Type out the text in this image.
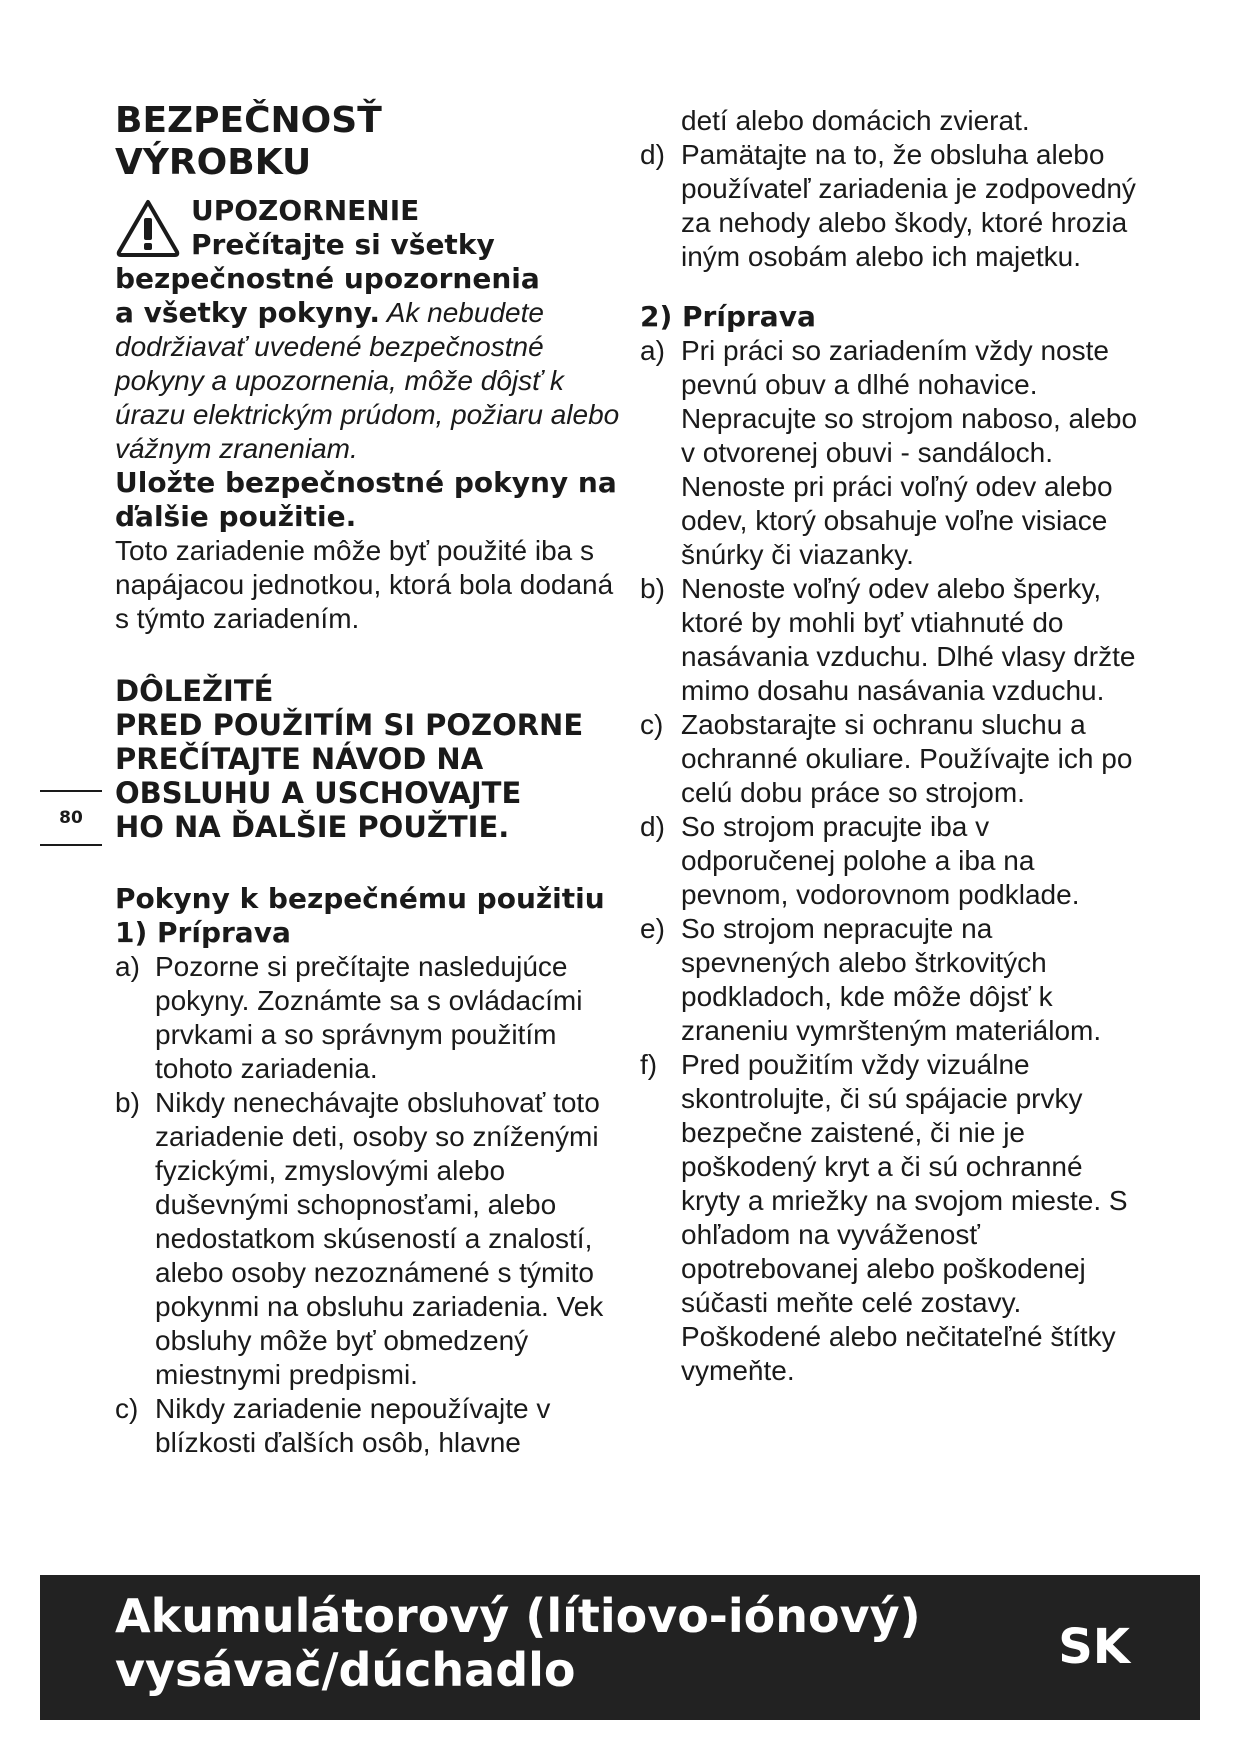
80
BEZPEČNOSŤ
VÝROBKU
UPOZORNENIE
Prečítajte si všetky
bezpečnostné upozornenia
a všetky pokyny. Ak nebudete

dodržiavať uvedené bezpečnostné pokyny a upozornenia, môže dôjsť k úrazu elektrickým prúdom, požiaru alebo vážnym zraneniam.

Uložte bezpečnostné pokyny na ďalšie použitie.

Toto zariadenie môže byť použité iba s napájacou jednotkou, ktorá bola dodaná s týmto zariadením.

DÔLEŽITÉ
PRED POUŽITÍM SI POZORNE
PREČÍTAJTE NÁVOD NA
OBSLUHU A USCHOVAJTE
HO NA ĎALŠIE POUŽTIE.
Pokyny k bezpečnému použitiu
1) Príprava
a) Pozorne si prečítajte nasledujúce pokyny. Zoznámte sa s ovládacími prvkami a so správnym použitím tohoto zariadenia.
b) Nikdy nenechávajte obsluhovať toto zariadenie deti, osoby so zníženými fyzickými, zmyslovými alebo duševnými schopnosťami, alebo nedostatkom skúseností a znalostí, alebo osoby nezoznámené s týmito pokynmi na obsluhu zariadenia. Vek obsluhy môže byť obmedzený miestnymi predpismi.
c) Nikdy zariadenie nepoužívajte v blízkosti ďalších osôb, hlavne

detí alebo domácich zvierat.

d) Pamätajte na to, že obsluha alebo používateľ zariadenia je zodpovedný za nehody alebo škody, ktoré hrozia iným osobám alebo ich majetku.
2) Príprava
a) Pri práci so zariadením vždy noste pevnú obuv a dlhé nohavice. Nepracujte so strojom naboso, alebo v otvorenej obuvi - sandáloch. Nenoste pri práci voľný odev alebo odev, ktorý obsahuje voľne visiace šnúrky či viazanky.
b) Nenoste voľný odev alebo šperky, ktoré by mohli byť vtiahnuté do nasávania vzduchu. Dlhé vlasy držte mimo dosahu nasávania vzduchu.
c) Zaobstarajte si ochranu sluchu a ochranné okuliare. Používajte ich po celú dobu práce so strojom.
d) So strojom pracujte iba v odporučenej polohe a iba na pevnom, vodorovnom podklade.
e) So strojom nepracujte na spevnených alebo štrkovitých podkladoch, kde môže dôjsť k zraneniu vymršteným materiálom.
f) Pred použitím vždy vizuálne skontrolujte, či sú spájacie prvky bezpečne zaistené, či nie je poškodený kryt a či sú ochranné kryty a mriežky na svojom mieste. S ohľadom na vyváženosť opotrebovanej alebo poškodenej súčasti meňte celé zostavy. Poškodené alebo nečitateľné štítky vymeňte.
Akumulátorový (lítiovo-iónový)
vysávač/dúchadlo	SK
